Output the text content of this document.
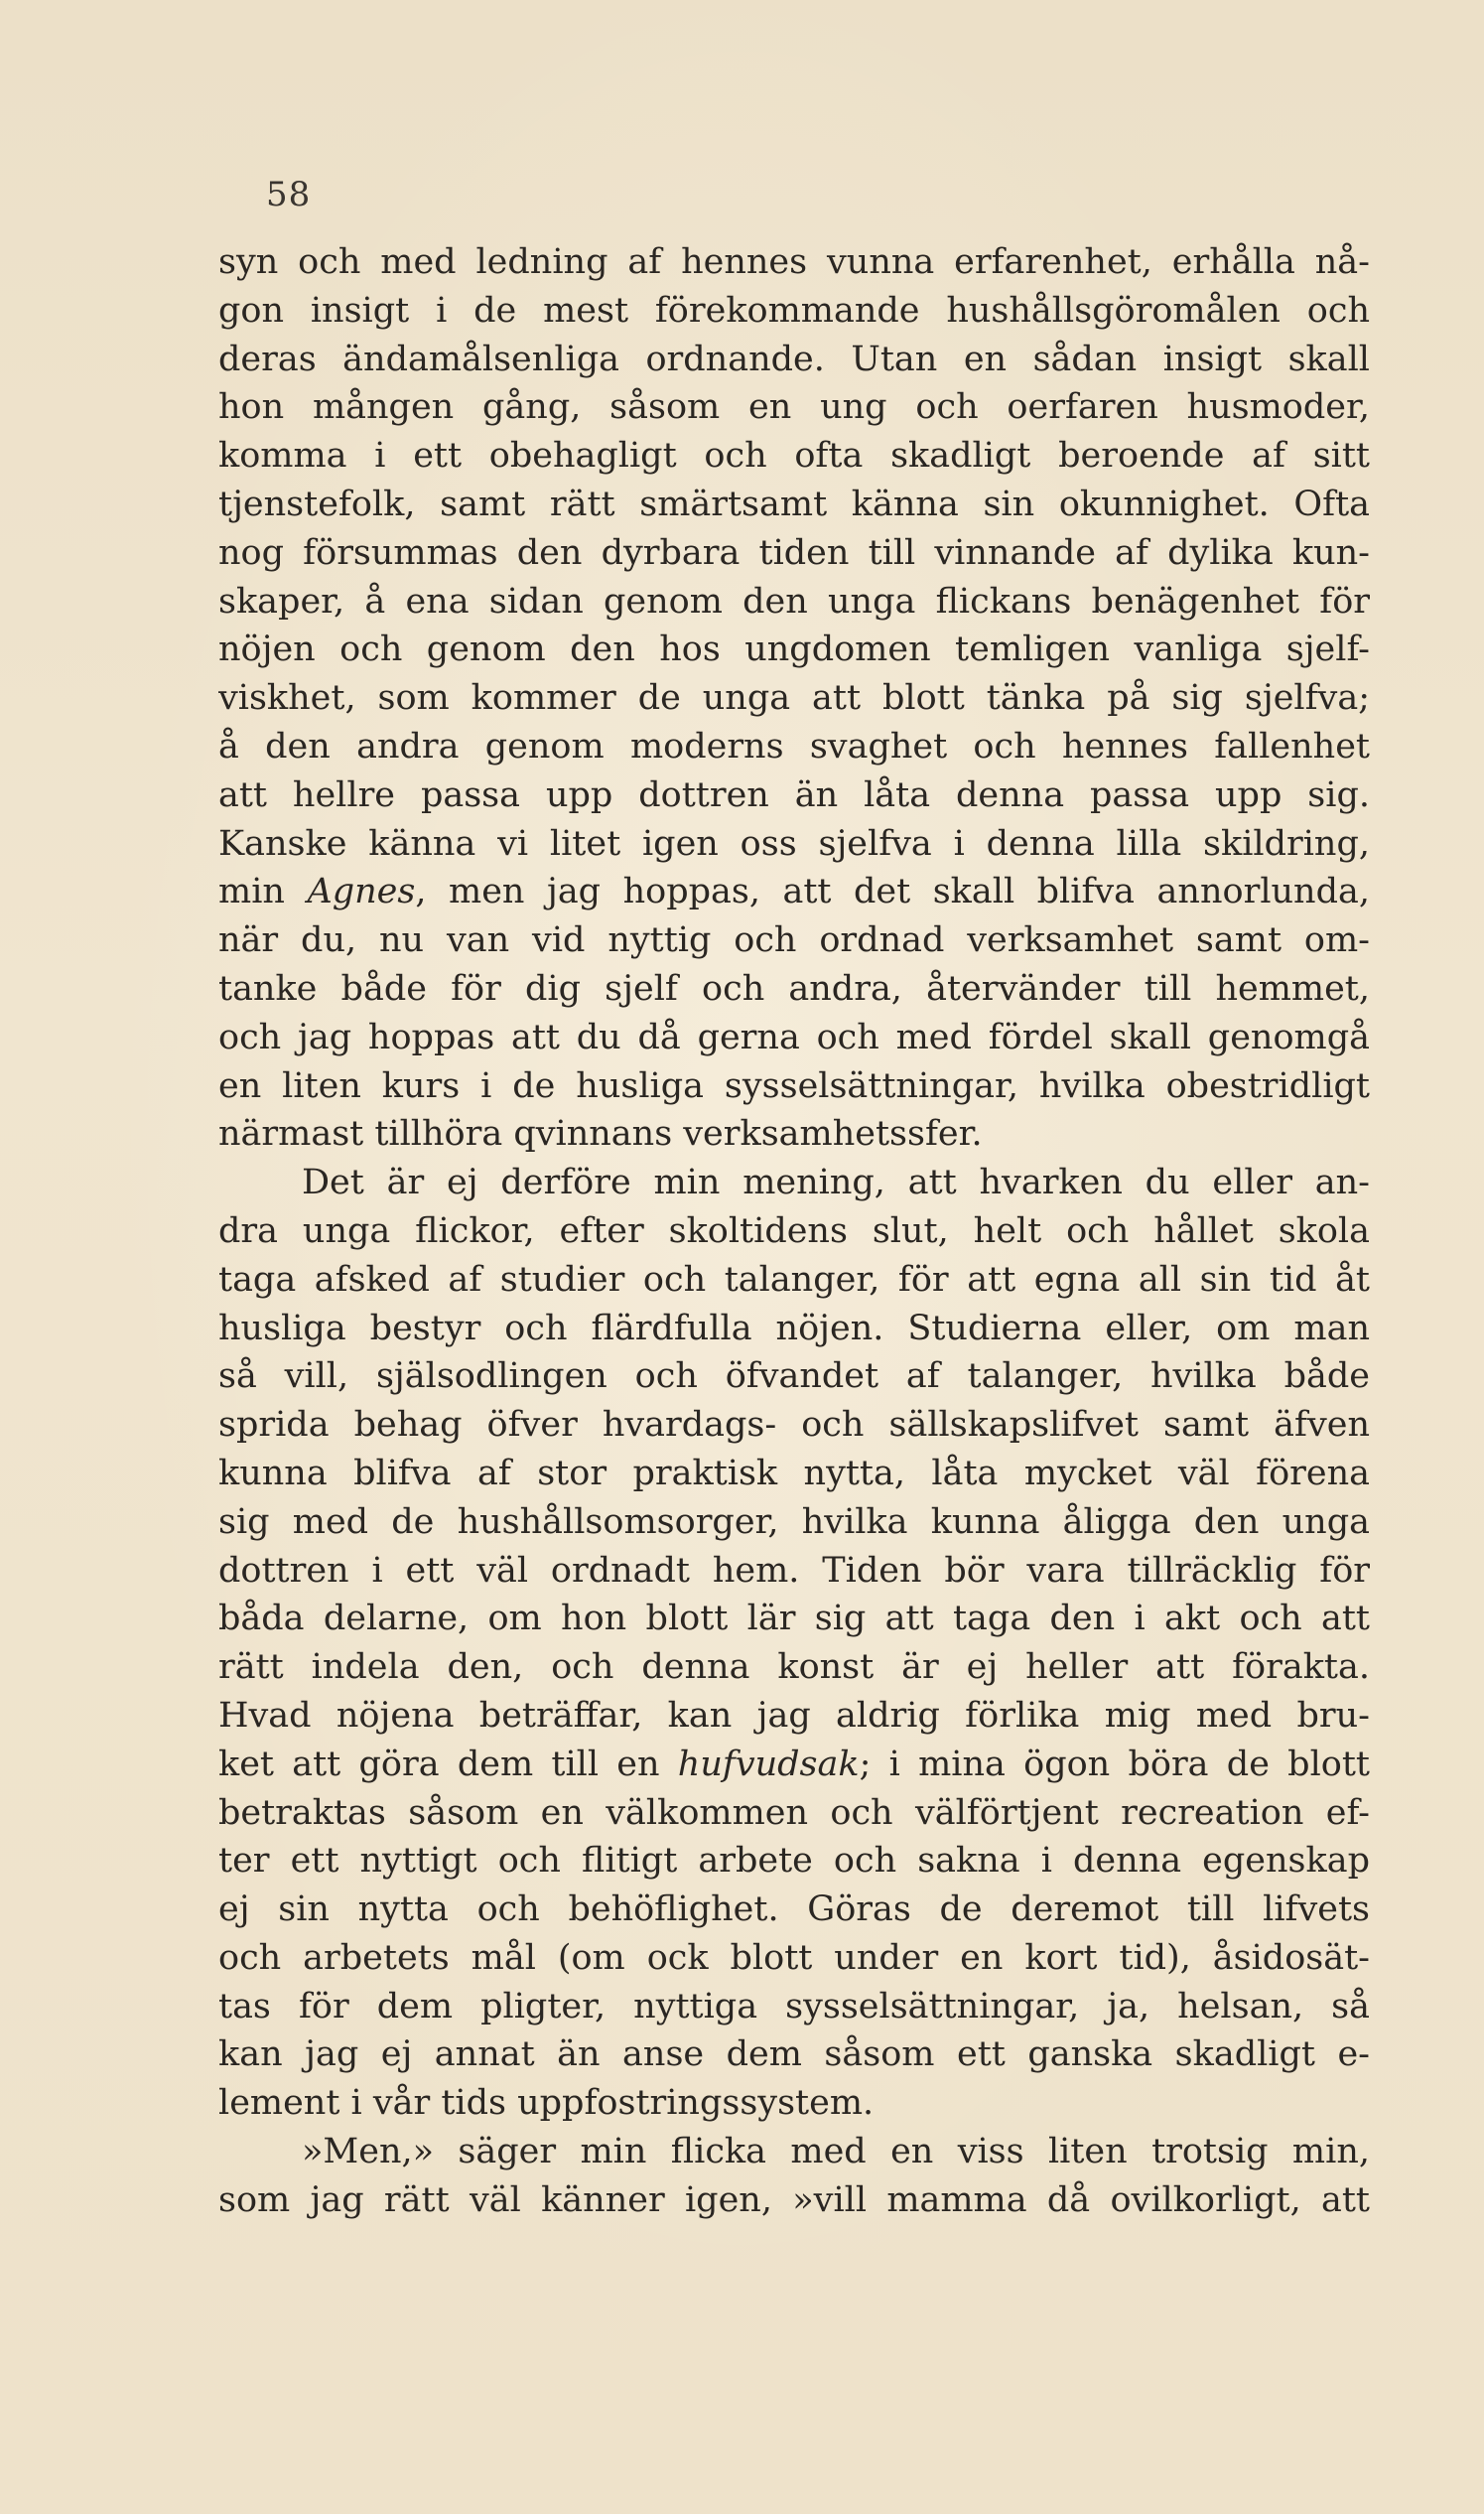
58
syn och med ledning af hennes vunna erfarenhet, erhålla nå-
gon insigt i de mest förekommande hushållsgöromålen och
deras ändamålsenliga ordnande. Utan en sådan insigt skall
hon mången gång, såsom en ung och oerfaren husmoder,
komma i ett obehagligt och ofta skadligt beroende af sitt
tjenstefolk, samt rätt smärtsamt känna sin okunnighet. Ofta
nog försummas den dyrbara tiden till vinnande af dylika kun-
skaper, å ena sidan genom den unga flickans benägenhet för
nöjen och genom den hos ungdomen temligen vanliga sjelf-
viskhet, som kommer de unga att blott tänka på sig sjelfva;
å den andra genom moderns svaghet och hennes fallenhet
att hellre passa upp dottren än låta denna passa upp sig.
Kanske känna vi litet igen oss sjelfva i denna lilla skildring,
min Agnes, men jag hoppas, att det skall blifva annorlunda,
när du, nu van vid nyttig och ordnad verksamhet samt om-
tanke både för dig sjelf och andra, återvänder till hemmet,
och jag hoppas att du då gerna och med fördel skall genomgå
en liten kurs i de husliga sysselsättningar, hvilka obestridligt
närmast tillhöra qvinnans verksamhetssfer.
Det är ej derföre min mening, att hvarken du eller an-
dra unga flickor, efter skoltidens slut, helt och hållet skola
taga afsked af studier och talanger, för att egna all sin tid åt
husliga bestyr och flärdfulla nöjen. Studierna eller, om man
så vill, själsodlingen och öfvandet af talanger, hvilka både
sprida behag öfver hvardags- och sällskapslifvet samt äfven
kunna blifva af stor praktisk nytta, låta mycket väl förena
sig med de hushållsomsorger, hvilka kunna åligga den unga
dottren i ett väl ordnadt hem. Tiden bör vara tillräcklig för
båda delarne, om hon blott lär sig att taga den i akt och att
rätt indela den, och denna konst är ej heller att förakta.
Hvad nöjena beträffar, kan jag aldrig förlika mig med bru-
ket att göra dem till en hufvudsak; i mina ögon böra de blott
betraktas såsom en välkommen och välförtjent recreation ef-
ter ett nyttigt och flitigt arbete och sakna i denna egenskap
ej sin nytta och behöflighet. Göras de deremot till lifvets
och arbetets mål (om ock blott under en kort tid), åsidosät-
tas för dem pligter, nyttiga sysselsättningar, ja, helsan, så
kan jag ej annat än anse dem såsom ett ganska skadligt e-
lement i vår tids uppfostringssystem.
»Men,» säger min flicka med en viss liten trotsig min,
som jag rätt väl känner igen, »vill mamma då ovilkorligt, att
